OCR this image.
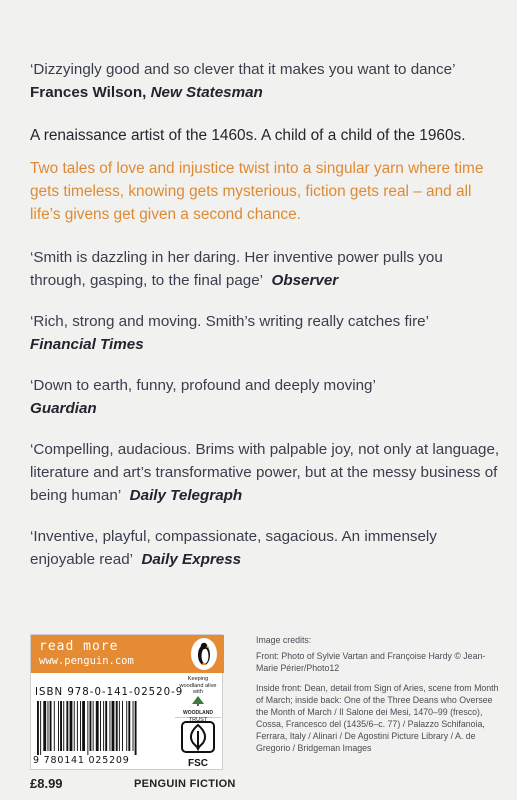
‘Dizzyingly good and so clever that it makes you want to dance’  Frances Wilson, New Statesman

A renaissance artist of the 1460s. A child of a child of the 1960s.

Two tales of love and injustice twist into a singular yarn where time gets timeless, knowing gets mysterious, fiction gets real – and all life’s givens get given a second chance.

‘Smith is dazzling in her daring. Her inventive power pulls you through, gasping, to the final page’ Observer

‘Rich, strong and moving. Smith’s writing really catches fire’  Financial Times

‘Down to earth, funny, profound and deeply moving’
Guardian

‘Compelling, audacious. Brims with palpable joy, not only at language, literature and art’s transformative power, but at the messy business of being human’ Daily Telegraph

‘Inventive, playful, compassionate, sagacious. An immensely enjoyable read’ Daily Express

read more
www.penguin.com
ISBN 978-0-141-02520-9
9 780141 025209
Keeping woodland alive with
WOODLAND
TRUST
FSC

Image credits:

Front: Photo of Sylvie Vartan and Françoise Hardy © Jean-Marie Périer/Photo12

Inside front: Dean, detail from Sign of Aries, scene from Month of March; inside back: One of the Three Deans who Oversee the Month of March / Il Salone dei Mesi, 1470–99 (fresco), Cossa, Francesco del (1435/6–c. 77) / Palazzo Schifanoia, Ferrara, Italy / Alinari / De Agostini Picture Library / A. de Gregorio / Bridgeman Images

£8.99	PENGUIN FICTION
